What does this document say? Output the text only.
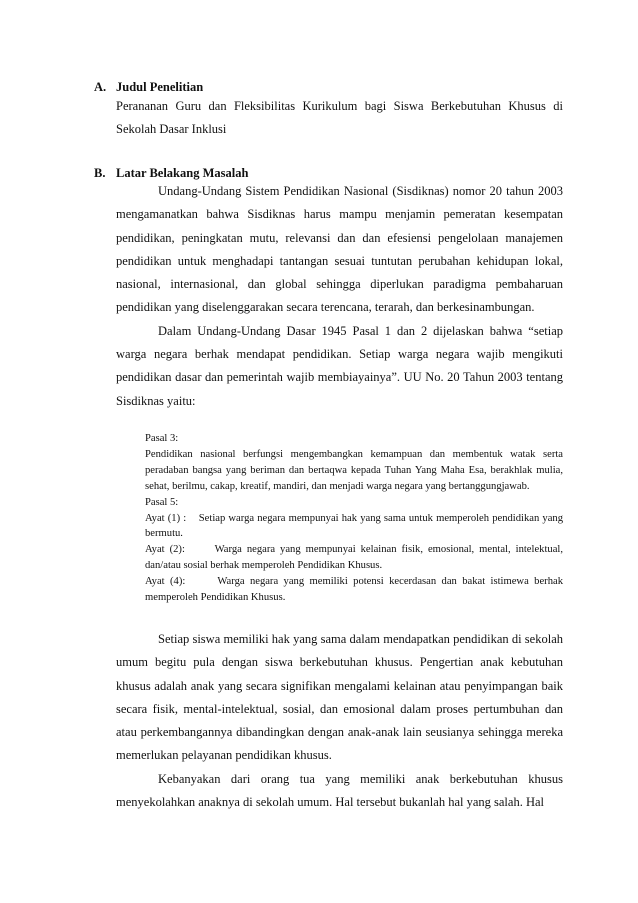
A. Judul Penelitian

Perananan Guru dan Fleksibilitas Kurikulum bagi Siswa Berkebutuhan Khusus di Sekolah Dasar Inklusi

B. Latar Belakang Masalah

Undang-Undang Sistem Pendidikan Nasional (Sisdiknas) nomor 20 tahun 2003 mengamanatkan bahwa Sisdiknas harus mampu menjamin pemeratan kesempatan pendidikan, peningkatan mutu, relevansi dan dan efesiensi pengelolaan manajemen pendidikan untuk menghadapi tantangan sesuai tuntutan perubahan kehidupan lokal, nasional, internasional, dan global sehingga diperlukan paradigma pembaharuan pendidikan yang diselenggarakan secara terencana, terarah, dan berkesinambungan.

Dalam Undang-Undang Dasar 1945 Pasal 1 dan 2 dijelaskan bahwa “setiap warga negara berhak mendapat pendidikan. Setiap warga negara wajib mengikuti pendidikan dasar dan pemerintah wajib membiayainya”. UU No. 20 Tahun 2003 tentang Sisdiknas yaitu:

Pasal 3:
Pendidikan nasional berfungsi mengembangkan kemampuan dan membentuk watak serta peradaban bangsa yang beriman dan bertaqwa kepada Tuhan Yang Maha Esa, berakhlak mulia, sehat, berilmu, cakap, kreatif, mandiri, dan menjadi warga negara yang bertanggungjawab.
Pasal 5:
Ayat (1) : Setiap warga negara mempunyai hak yang sama untuk memperoleh pendidikan yang bermutu.
Ayat (2):	Warga negara yang mempunyai kelainan fisik, emosional, mental, intelektual, dan/atau sosial berhak memperoleh Pendidikan Khusus.
Ayat (4):	Warga negara yang memiliki potensi kecerdasan dan bakat istimewa berhak memperoleh Pendidikan Khusus.

Setiap siswa memiliki hak yang sama dalam mendapatkan pendidikan di sekolah umum begitu pula dengan siswa berkebutuhan khusus. Pengertian anak kebutuhan khusus adalah anak yang secara signifikan mengalami kelainan atau penyimpangan baik secara fisik, mental-intelektual, sosial, dan emosional dalam proses pertumbuhan dan atau perkembangannya dibandingkan dengan anak-anak lain seusianya sehingga mereka memerlukan pelayanan pendidikan khusus.

Kebanyakan dari orang tua yang memiliki anak berkebutuhan khusus menyekolahkan anaknya di sekolah umum. Hal tersebut bukanlah hal yang salah. Hal
